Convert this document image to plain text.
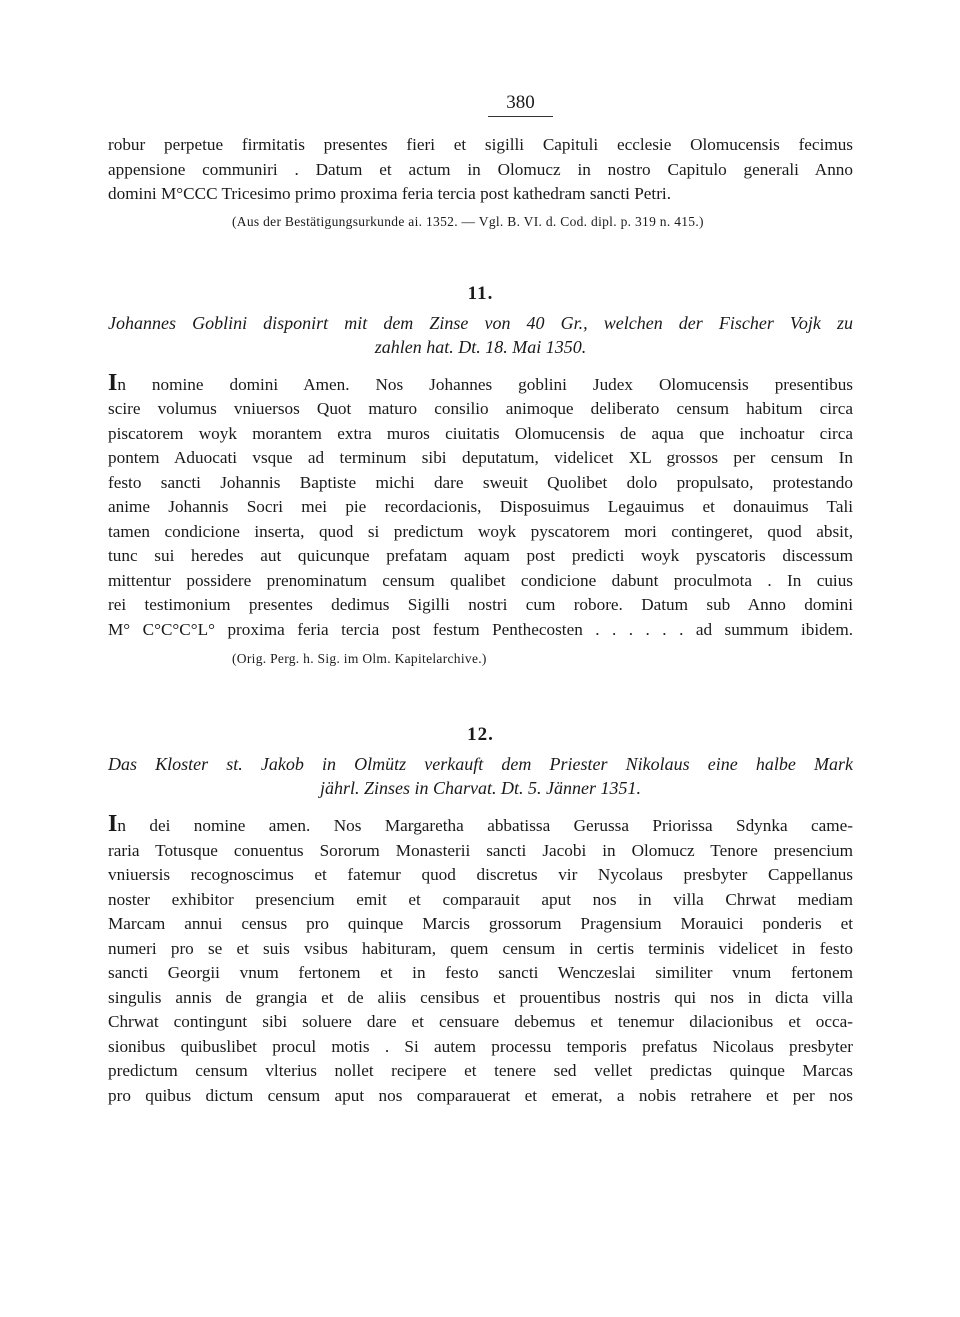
380
robur perpetue firmitatis presentes fieri et sigilli Capituli ecclesie Olomucensis fecimus
appensione communiri . Datum et actum in Olomucz in nostro Capitulo generali Anno
domini M°CCC Tricesimo primo proxima feria tercia post kathedram sancti Petri.
(Aus der Bestätigungsurkunde ai. 1352. — Vgl. B. VI. d. Cod. dipl. p. 319 n. 415.)
11.
Johannes Goblini disponirt mit dem Zinse von 40 Gr., welchen der Fischer Vojk zu
zahlen hat. Dt. 18. Mai 1350.
In nomine domini Amen. Nos Johannes goblini Judex Olomucensis presentibus
scire volumus vniuersos Quot maturo consilio animoque deliberato censum habitum circa
piscatorem woyk morantem extra muros ciuitatis Olomucensis de aqua que inchoatur circa
pontem Aduocati vsque ad terminum sibi deputatum, videlicet XL grossos per censum In
festo sancti Johannis Baptiste michi dare sweuit Quolibet dolo propulsato, protestando
anime Johannis Socri mei pie recordacionis, Disposuimus Legauimus et donauimus Tali
tamen condicione inserta, quod si predictum woyk pyscatorem mori contingeret, quod absit,
tunc sui heredes aut quicunque prefatam aquam post predicti woyk pyscatoris discessum
mittentur possidere prenominatum censum qualibet condicione dabunt proculmota . In cuius
rei testimonium presentes dedimus Sigilli nostri cum robore. Datum sub Anno domini
M° C°C°C°L° proxima feria tercia post festum Penthecosten . . . . . . ad summum ibidem.
(Orig. Perg. h. Sig. im Olm. Kapitelarchive.)
12.
Das Kloster st. Jakob in Olmütz verkauft dem Priester Nikolaus eine halbe Mark
jährl. Zinses in Charvat. Dt. 5. Jänner 1351.
In dei nomine amen. Nos Margaretha abbatissa Gerussa Priorissa Sdynka came-
raria Totusque conuentus Sororum Monasterii sancti Jacobi in Olomucz Tenore presencium
vniuersis recognoscimus et fatemur quod discretus vir Nycolaus presbyter Cappellanus
noster exhibitor presencium emit et comparauit aput nos in villa Chrwat mediam
Marcam annui census pro quinque Marcis grossorum Pragensium Morauici ponderis et
numeri pro se et suis vsibus habituram, quem censum in certis terminis videlicet in festo
sancti Georgii vnum fertonem et in festo sancti Wenczeslai similiter vnum fertonem
singulis annis de grangia et de aliis censibus et prouentibus nostris qui nos in dicta villa
Chrwat contingunt sibi soluere dare et censuare debemus et tenemur dilacionibus et occa-
sionibus quibuslibet procul motis . Si autem processu temporis prefatus Nicolaus presbyter
predictum censum vlterius nollet recipere et tenere sed vellet predictas quinque Marcas
pro quibus dictum censum aput nos comparauerat et emerat, a nobis retrahere et per nos
